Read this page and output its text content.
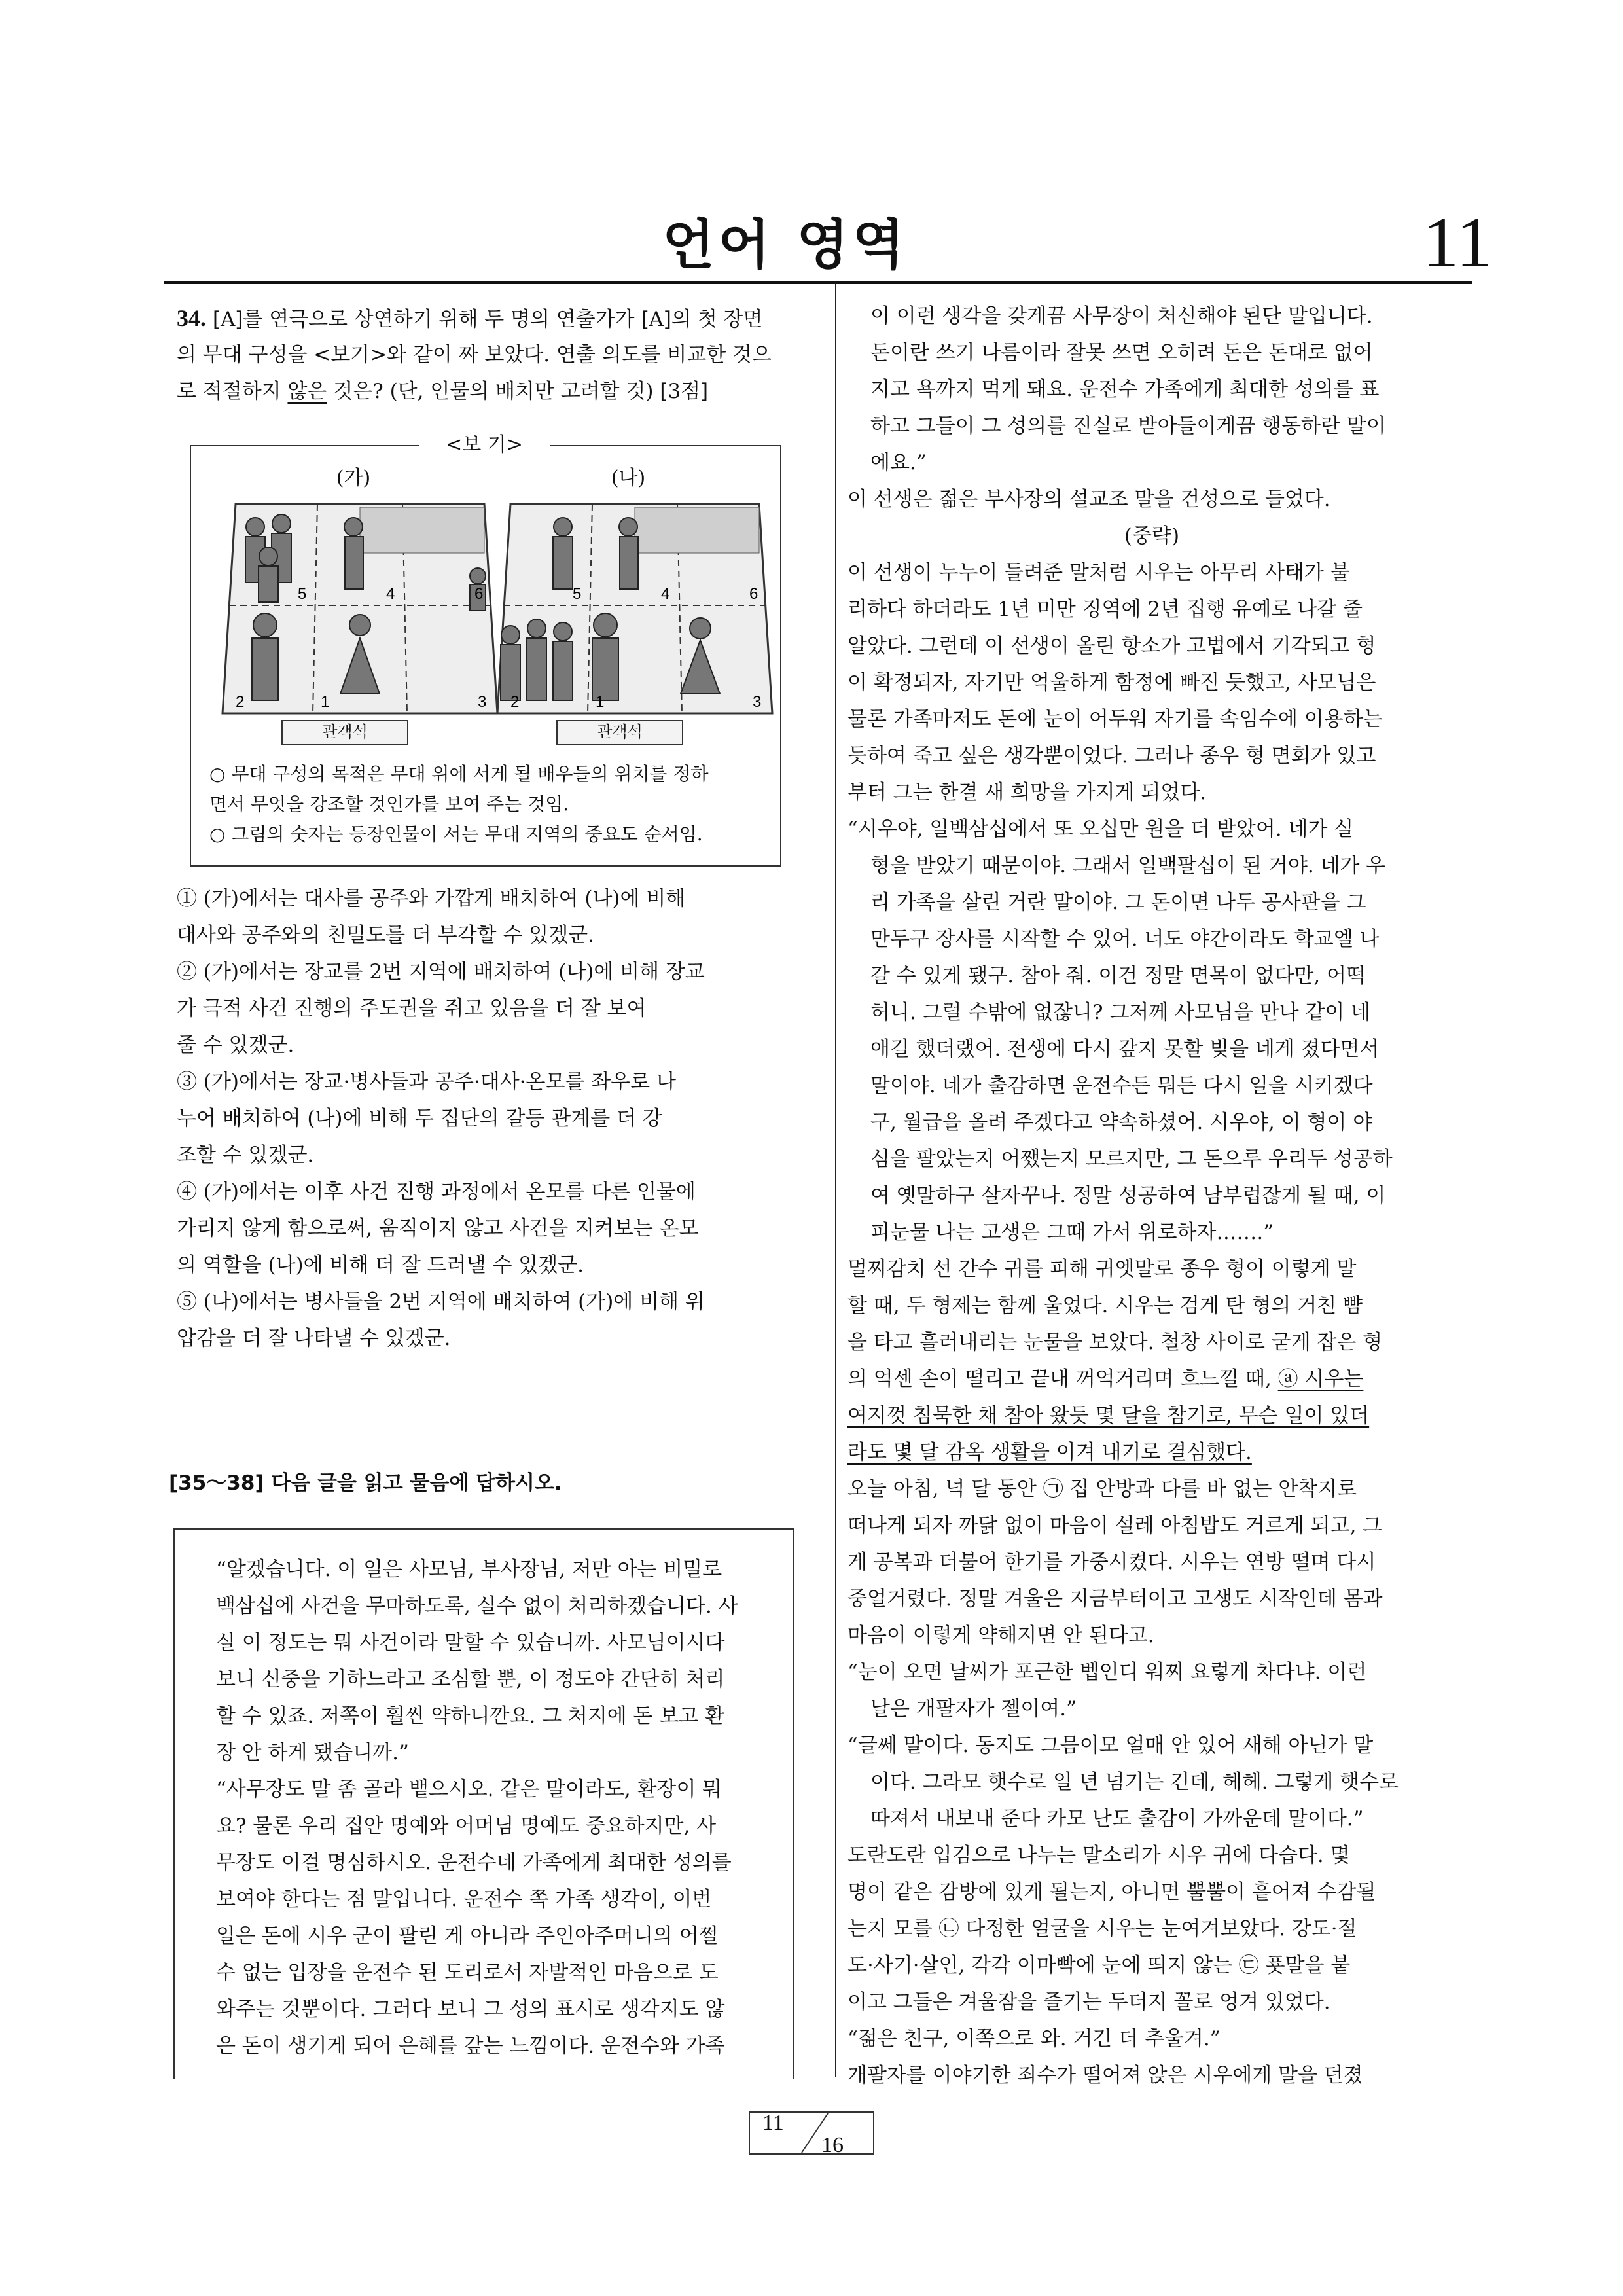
언어 영역	11
34. [A]를 연극으로 상연하기 위해 두 명의 연출가가 [A]의 첫 장면
의 무대 구성을 <보기>와 같이 짜 보았다. 연출 의도를 비교한 것으
로 적절하지 않은 것은? (단, 인물의 배치만 고려할 것) [3점]
<보 기>
(가)	(나)
2	1	3
5	4	6
2	1	3
5	4	6
관객석	관객석
○ 무대 구성의 목적은 무대 위에 서게 될 배우들의 위치를 정하
면서 무엇을 강조할 것인가를 보여 주는 것임.
○ 그림의 숫자는 등장인물이 서는 무대 지역의 중요도 순서임.
① (가)에서는 대사를 공주와 가깝게 배치하여 (나)에 비해
대사와 공주와의 친밀도를 더 부각할 수 있겠군.
② (가)에서는 장교를 2번 지역에 배치하여 (나)에 비해 장교
가 극적 사건 진행의 주도권을 쥐고 있음을 더 잘 보여
줄 수 있겠군.
③ (가)에서는 장교·병사들과 공주·대사·온모를 좌우로 나
누어 배치하여 (나)에 비해 두 집단의 갈등 관계를 더 강
조할 수 있겠군.
④ (가)에서는 이후 사건 진행 과정에서 온모를 다른 인물에
가리지 않게 함으로써, 움직이지 않고 사건을 지켜보는 온모
의 역할을 (나)에 비해 더 잘 드러낼 수 있겠군.
⑤ (나)에서는 병사들을 2번 지역에 배치하여 (가)에 비해 위
압감을 더 잘 나타낼 수 있겠군.
[35～38] 다음 글을 읽고 물음에 답하시오.
“알겠습니다. 이 일은 사모님, 부사장님, 저만 아는 비밀로
백삼십에 사건을 무마하도록, 실수 없이 처리하겠습니다. 사
실 이 정도는 뭐 사건이라 말할 수 있습니까. 사모님이시다
보니 신중을 기하느라고 조심할 뿐, 이 정도야 간단히 처리
할 수 있죠. 저쪽이 훨씬 약하니깐요. 그 처지에 돈 보고 환
장 안 하게 됐습니까.”
“사무장도 말 좀 골라 뱉으시오. 같은 말이라도, 환장이 뭐
요? 물론 우리 집안 명예와 어머님 명예도 중요하지만, 사
무장도 이걸 명심하시오. 운전수네 가족에게 최대한 성의를
보여야 한다는 점 말입니다. 운전수 쪽 가족 생각이, 이번
일은 돈에 시우 군이 팔린 게 아니라 주인아주머니의 어쩔
수 없는 입장을 운전수 된 도리로서 자발적인 마음으로 도
와주는 것뿐이다. 그러다 보니 그 성의 표시로 생각지도 않
은 돈이 생기게 되어 은혜를 갚는 느낌이다. 운전수와 가족
이 이런 생각을 갖게끔 사무장이 처신해야 된단 말입니다.
돈이란 쓰기 나름이라 잘못 쓰면 오히려 돈은 돈대로 없어
지고 욕까지 먹게 돼요. 운전수 가족에게 최대한 성의를 표
하고 그들이 그 성의를 진실로 받아들이게끔 행동하란 말이
에요.”
이 선생은 젊은 부사장의 설교조 말을 건성으로 들었다.
(중략)
이 선생이 누누이 들려준 말처럼 시우는 아무리 사태가 불
리하다 하더라도 1년 미만 징역에 2년 집행 유예로 나갈 줄
알았다. 그런데 이 선생이 올린 항소가 고법에서 기각되고 형
이 확정되자, 자기만 억울하게 함정에 빠진 듯했고, 사모님은
물론 가족마저도 돈에 눈이 어두워 자기를 속임수에 이용하는
듯하여 죽고 싶은 생각뿐이었다. 그러나 종우 형 면회가 있고
부터 그는 한결 새 희망을 가지게 되었다.
“시우야, 일백삼십에서 또 오십만 원을 더 받았어. 네가 실
형을 받았기 때문이야. 그래서 일백팔십이 된 거야. 네가 우
리 가족을 살린 거란 말이야. 그 돈이면 나두 공사판을 그
만두구 장사를 시작할 수 있어. 너도 야간이라도 학교엘 나
갈 수 있게 됐구. 참아 줘. 이건 정말 면목이 없다만, 어떡
허니. 그럴 수밖에 없잖니? 그저께 사모님을 만나 같이 네
애길 했더랬어. 전생에 다시 갚지 못할 빚을 네게 졌다면서
말이야. 네가 출감하면 운전수든 뭐든 다시 일을 시키겠다
구, 월급을 올려 주겠다고 약속하셨어. 시우야, 이 형이 야
심을 팔았는지 어쨌는지 모르지만, 그 돈으루 우리두 성공하
여 옛말하구 살자꾸나. 정말 성공하여 남부럽잖게 될 때, 이
피눈물 나는 고생은 그때 가서 위로하자…….”
멀찌감치 선 간수 귀를 피해 귀엣말로 종우 형이 이렇게 말
할 때, 두 형제는 함께 울었다. 시우는 검게 탄 형의 거친 뺨
을 타고 흘러내리는 눈물을 보았다. 철창 사이로 굳게 잡은 형
의 억센 손이 떨리고 끝내 꺼억거리며 흐느낄 때, ⓐ 시우는
여지껏 침묵한 채 참아 왔듯 몇 달을 참기로, 무슨 일이 있더
라도 몇 달 감옥 생활을 이겨 내기로 결심했다.
오늘 아침, 넉 달 동안 ㉠ 집 안방과 다를 바 없는 안착지로
떠나게 되자 까닭 없이 마음이 설레 아침밥도 거르게 되고, 그
게 공복과 더불어 한기를 가중시켰다. 시우는 연방 떨며 다시
중얼거렸다. 정말 겨울은 지금부터이고 고생도 시작인데 몸과
마음이 이렇게 약해지면 안 된다고.
“눈이 오면 날씨가 포근한 벱인디 워찌 요렇게 차다냐. 이런
날은 개팔자가 젤이여.”
“글쎄 말이다. 동지도 그믐이모 얼매 안 있어 새해 아닌가 말
이다. 그라모 햇수로 일 년 넘기는 긴데, 헤헤. 그렇게 햇수로
따져서 내보내 준다 카모 난도 출감이 가까운데 말이다.”
도란도란 입김으로 나누는 말소리가 시우 귀에 다습다. 몇
명이 같은 감방에 있게 될는지, 아니면 뿔뿔이 흩어져 수감될
는지 모를 ㉡ 다정한 얼굴을 시우는 눈여겨보았다. 강도·절
도·사기·살인, 각각 이마빡에 눈에 띄지 않는 ㉢ 푯말을 붙
이고 그들은 겨울잠을 즐기는 두더지 꼴로 엉겨 있었다.
“젊은 친구, 이쪽으로 와. 거긴 더 추울겨.”
개팔자를 이야기한 죄수가 떨어져 앉은 시우에게 말을 던졌
11
16
